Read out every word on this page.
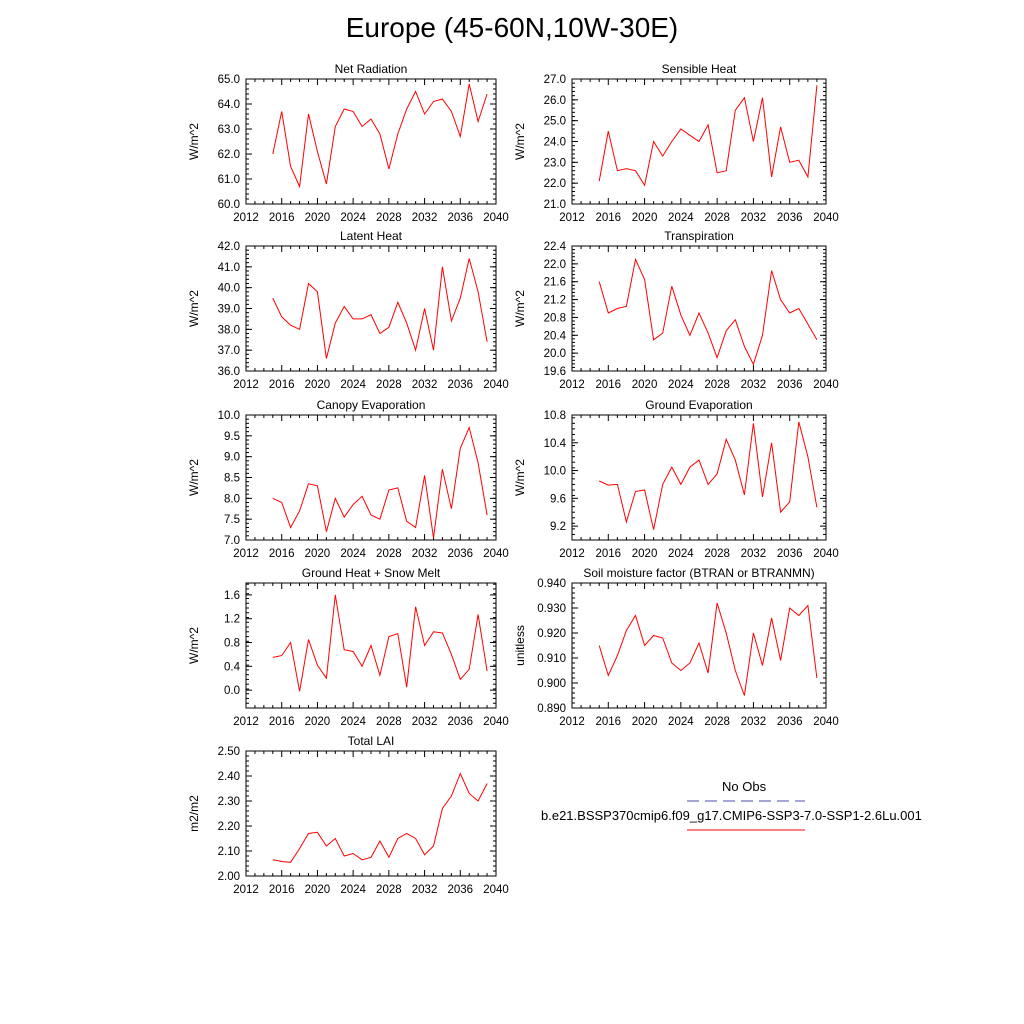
Europe (45-60N,10W-30E)
Net Radiation
W/m^2
2012 2016 2020 2024 2028 2032 2036 2040
60.0
61.0
62.0
63.0
64.0
65.0
Sensible Heat
W/m^2
2012 2016 2020 2024 2028 2032 2036 2040
21.0
22.0
23.0
24.0
25.0
26.0
27.0
Latent Heat
W/m^2
2012 2016 2020 2024 2028 2032 2036 2040
36.0
37.0
38.0
39.0
40.0
41.0
42.0
Transpiration
W/m^2
2012 2016 2020 2024 2028 2032 2036 2040
19.6
20.0
20.4
20.8
21.2
21.6
22.0
22.4
Canopy Evaporation
W/m^2
2012 2016 2020 2024 2028 2032 2036 2040
7.0
7.5
8.0
8.5
9.0
9.5
10.0
Ground Evaporation
W/m^2
2012 2016 2020 2024 2028 2032 2036 2040
9.2
9.6
10.0
10.4
10.8
Ground Heat + Snow Melt
W/m^2
2012 2016 2020 2024 2028 2032 2036 2040
0.0
0.4
0.8
1.2
1.6
Soil moisture factor (BTRAN or BTRANMN)
unitless
2012 2016 2020 2024 2028 2032 2036 2040
0.890
0.900
0.910
0.920
0.930
0.940
Total LAI
m2/m2
2012 2016 2020 2024 2028 2032 2036 2040
2.00
2.10
2.20
2.30
2.40
2.50
No Obs
b.e21.BSSP370cmip6.f09_g17.CMIP6-SSP3-7.0-SSP1-2.6Lu.001
